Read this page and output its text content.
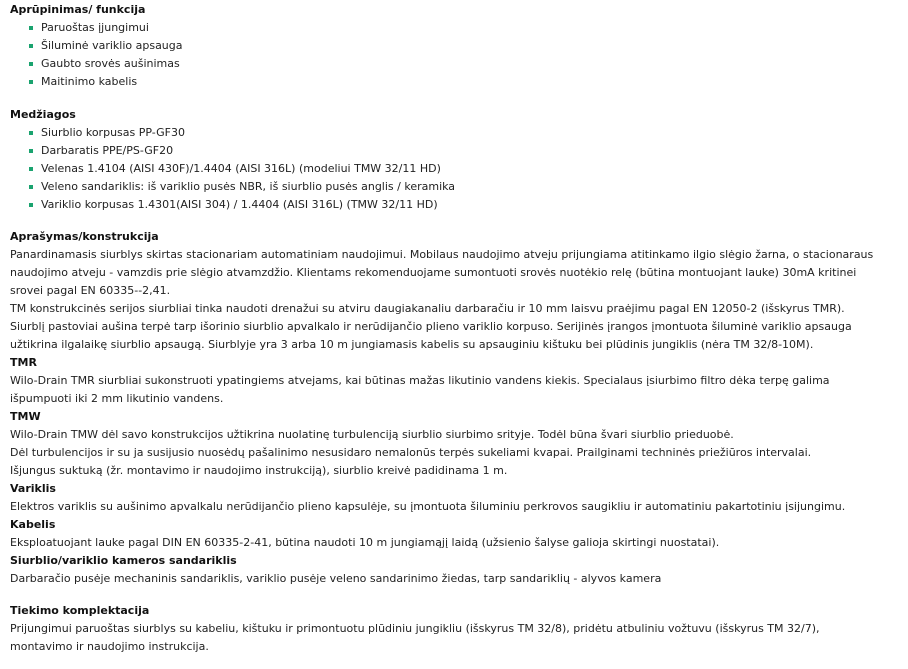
Aprūpinimas/ funkcija
Paruoštas įjungimui
Šiluminė variklio apsauga
Gaubto srovės aušinimas
Maitinimo kabelis
Medžiagos
Siurblio korpusas PP-GF30
Darbaratis PPE/PS-GF20
Velenas 1.4104 (AISI 430F)/1.4404 (AISI 316L) (modeliui TMW 32/11 HD)
Veleno sandariklis: iš variklio pusės NBR, iš siurblio pusės anglis / keramika
Variklio korpusas 1.4301(AISI 304) / 1.4404 (AISI 316L) (TMW 32/11 HD)
Aprašymas/konstrukcija

Panardinamasis siurblys skirtas stacionariam automatiniam naudojimui. Mobilaus naudojimo atveju prijungiama atitinkamo ilgio slėgio žarna, o stacionaraus

naudojimo atveju - vamzdis prie slėgio atvamzdžio. Klientams rekomenduojame sumontuoti srovės nuotėkio relę (būtina montuojant lauke) 30mA kritinei

srovei pagal EN 60335--2,41.

TM konstrukcinės serijos siurbliai tinka naudoti drenažui su atviru daugiakanaliu darbaračiu ir 10 mm laisvu praėjimu pagal EN 12050-2 (išskyrus TMR).

Siurblį pastoviai aušina terpė tarp išorinio siurblio apvalkalo ir nerūdijančio plieno variklio korpuso. Serijinės įrangos įmontuota šiluminė variklio apsauga

užtikrina ilgalaikę siurblio apsaugą. Siurblyje yra 3 arba 10 m jungiamasis kabelis su apsauginiu kištuku bei plūdinis jungiklis (nėra TM 32/8-10M).

TMR

Wilo-Drain TMR siurbliai sukonstruoti ypatingiems atvejams, kai būtinas mažas likutinio vandens kiekis. Specialaus įsiurbimo filtro dėka terpę galima

išpumpuoti iki 2 mm likutinio vandens.

TMW

Wilo-Drain TMW dėl savo konstrukcijos užtikrina nuolatinę turbulenciją siurblio siurbimo srityje. Todėl būna švari siurblio prieduobė.

Dėl turbulencijos ir su ja susijusio nuosėdų pašalinimo nesusidaro nemalonūs terpės sukeliami kvapai. Prailginami techninės priežiūros intervalai.

Išjungus suktuką (žr. montavimo ir naudojimo instrukciją), siurblio kreivė padidinama 1 m.

Variklis

Elektros variklis su aušinimo apvalkalu nerūdijančio plieno kapsulėje, su įmontuota šiluminiu perkrovos saugikliu ir automatiniu pakartotiniu įsijungimu.

Kabelis

Eksploatuojant lauke pagal DIN EN 60335-2-41, būtina naudoti 10 m jungiamąjį laidą (užsienio šalyse galioja skirtingi nuostatai).

Siurblio/variklio kameros sandariklis

Darbaračio pusėje mechaninis sandariklis, variklio pusėje veleno sandarinimo žiedas, tarp sandariklių - alyvos kamera

Tiekimo komplektacija

Prijungimui paruoštas siurblys su kabeliu, kištuku ir primontuotu plūdiniu jungikliu (išskyrus TM 32/8), pridėtu atbuliniu vožtuvu (išskyrus TM 32/7),

montavimo ir naudojimo instrukcija.
